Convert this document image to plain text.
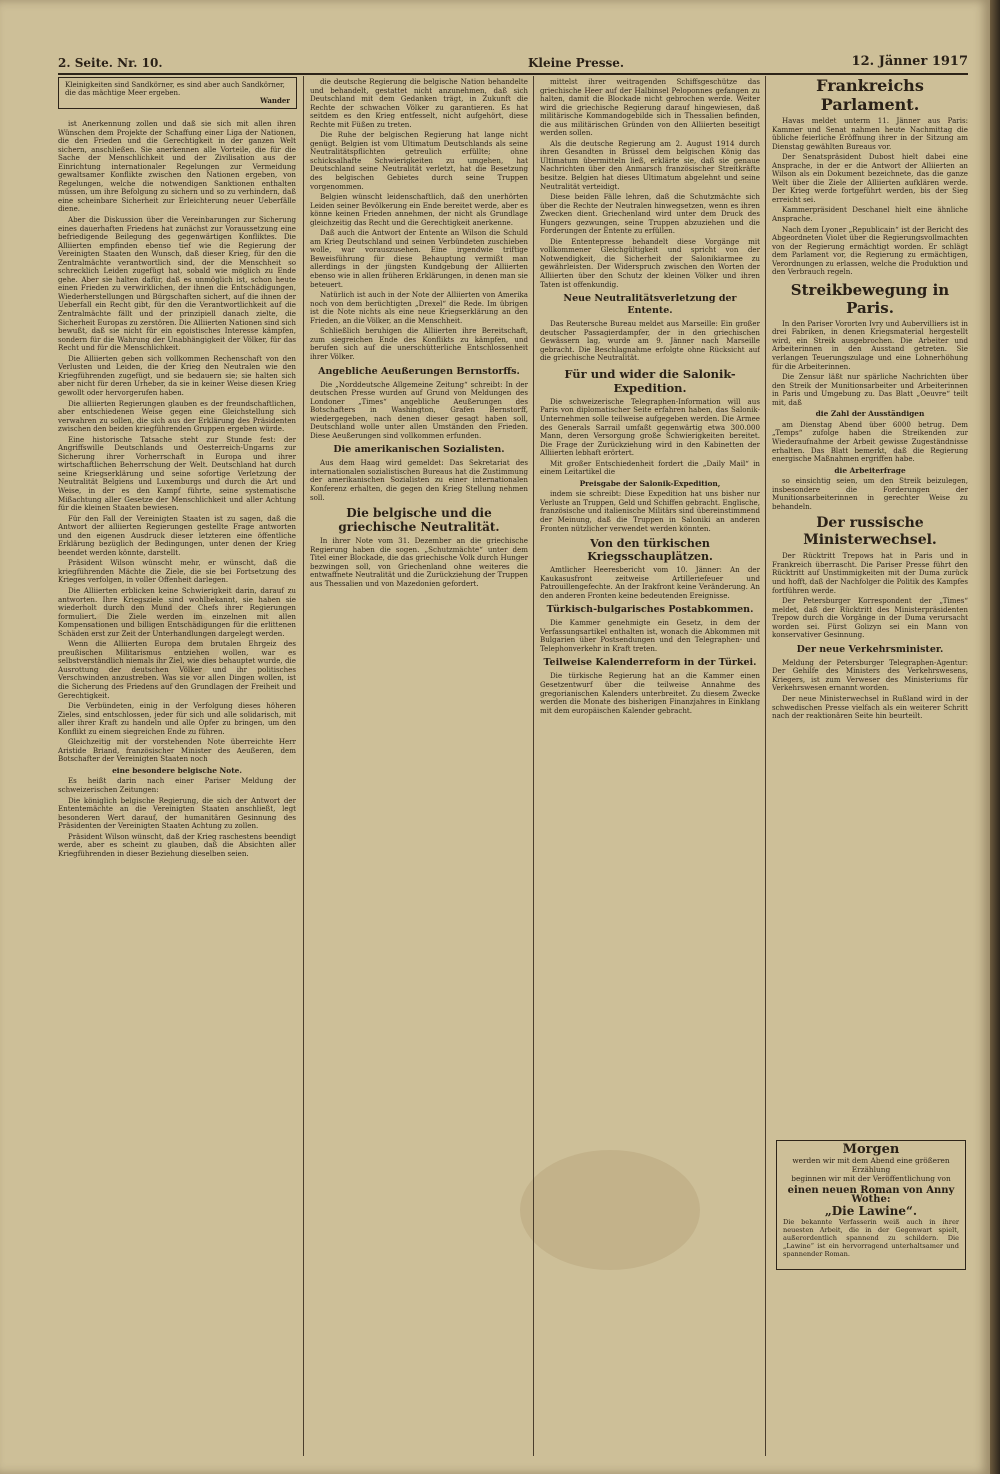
2. Seite. Nr. 10.	Kleine Presse.	12. Jänner 1917
Kleinigkeiten sind Sandkörner, es sind aber auch Sandkörner, die das mächtige Meer ergeben.
Wander

ist Anerkennung zollen und daß sie sich mit allen ihren Wünschen dem Projekte der Schaffung einer Liga der Nationen, die den Frieden und die Gerechtigkeit in der ganzen Welt sichern, anschließen. Sie anerkennen alle Vorteile, die für die Sache der Menschlichkeit und der Zivilisation aus der Einrichtung internationaler Regelungen zur Vermeidung gewaltsamer Konflikte zwischen den Nationen ergeben, von Regelungen, welche die notwendigen Sanktionen enthalten müssen, um ihre Befolgung zu sichern und so zu verhindern, daß eine scheinbare Sicherheit zur Erleichterung neuer Ueberfälle diene.

Aber die Diskussion über die Vereinbarungen zur Sicherung eines dauerhaften Friedens hat zunächst zur Voraussetzung eine befriedigende Beilegung des gegenwärtigen Konfliktes. Die Alliierten empfinden ebenso tief wie die Regierung der Vereinigten Staaten den Wunsch, daß dieser Krieg, für den die Zentralmächte verantwortlich sind, der die Menschheit so schrecklich Leiden zugefügt hat, sobald wie möglich zu Ende gehe. Aber sie halten dafür, daß es unmöglich ist, schon heute einen Frieden zu verwirklichen, der ihnen die Entschädigungen, Wiederherstellungen und Bürgschaften sichert, auf die ihnen der Ueberfall ein Recht gibt, für den die Verantwortlichkeit auf die Zentralmächte fällt und der prinzipiell danach zielte, die Sicherheit Europas zu zerstören. Die Alliierten Nationen sind sich bewußt, daß sie nicht für ein egoistisches Interesse kämpfen, sondern für die Wahrung der Unabhängigkeit der Völker, für das Recht und für die Menschlichkeit.

Die Alliierten geben sich vollkommen Rechenschaft von den Verlusten und Leiden, die der Krieg den Neutralen wie den Kriegführenden zugefügt, und sie bedauern sie; sie halten sich aber nicht für deren Urheber, da sie in keiner Weise diesen Krieg gewollt oder hervorgerufen haben.

Die alliierten Regierungen glauben es der freundschaftlichen, aber entschiedenen Weise gegen eine Gleichstellung sich verwahren zu sollen, die sich aus der Erklärung des Präsidenten zwischen den beiden kriegführenden Gruppen ergeben würde.

Eine historische Tatsache steht zur Stunde fest: der Angriffswille Deutschlands und Oesterreich-Ungarns zur Sicherung ihrer Vorherrschaft in Europa und ihrer wirtschaftlichen Beherrschung der Welt. Deutschland hat durch seine Kriegserklärung und seine sofortige Verletzung der Neutralität Belgiens und Luxemburgs und durch die Art und Weise, in der es den Kampf führte, seine systematische Mißachtung aller Gesetze der Menschlichkeit und aller Achtung für die kleinen Staaten bewiesen.

Für den Fall der Vereinigten Staaten ist zu sagen, daß die Antwort der alliierten Regierungen gestellte Frage antworten und den eigenen Ausdruck dieser letzteren eine öffentliche Erklärung bezüglich der Bedingungen, unter denen der Krieg beendet werden könnte, darstellt.

Präsident Wilson wünscht mehr, er wünscht, daß die kriegführenden Mächte die Ziele, die sie bei Fortsetzung des Krieges verfolgen, in voller Offenheit darlegen.

Die Alliierten erblicken keine Schwierigkeit darin, darauf zu antworten. Ihre Kriegsziele sind wohlbekannt, sie haben sie wiederholt durch den Mund der Chefs ihrer Regierungen formuliert. Die Ziele werden im einzelnen mit allen Kompensationen und billigen Entschädigungen für die erlittenen Schäden erst zur Zeit der Unterhandlungen dargelegt werden.

Wenn die Alliierten Europa dem brutalen Ehrgeiz des preußischen Militarismus entziehen wollen, war es selbstverständlich niemals ihr Ziel, wie dies behauptet wurde, die Ausrottung der deutschen Völker und ihr politisches Verschwinden anzustreben. Was sie vor allen Dingen wollen, ist die Sicherung des Friedens auf den Grundlagen der Freiheit und Gerechtigkeit.

Die Verbündeten, einig in der Verfolgung dieses höheren Zieles, sind entschlossen, jeder für sich und alle solidarisch, mit aller ihrer Kraft zu handeln und alle Opfer zu bringen, um den Konflikt zu einem siegreichen Ende zu führen.

Gleichzeitig mit der vorstehenden Note überreichte Herr Aristide Briand, französischer Minister des Aeußeren, dem Botschafter der Vereinigten Staaten noch

eine besondere belgische Note.

Es heißt darin nach einer Pariser Meldung der schweizerischen Zeitungen:

Die königlich belgische Regierung, die sich der Antwort der Ententemächte an die Vereinigten Staaten anschließt, legt besonderen Wert darauf, der humanitären Gesinnung des Präsidenten der Vereinigten Staaten Achtung zu zollen.

Präsident Wilson wünscht, daß der Krieg raschestens beendigt werde, aber es scheint zu glauben, daß die Absichten aller Kriegführenden in dieser Beziehung dieselben seien.

die deutsche Regierung die belgische Nation behandelte und behandelt, gestattet nicht anzunehmen, daß sich Deutschland mit dem Gedanken trägt, in Zukunft die Rechte der schwachen Völker zu garantieren. Es hat seitdem es den Krieg entfesselt, nicht aufgehört, diese Rechte mit Füßen zu treten.

Die Ruhe der belgischen Regierung hat lange nicht genügt. Belgien ist vom Ultimatum Deutschlands als seine Neutralitätspflichten getreulich erfüllte; ohne schicksalhafte Schwierigkeiten zu umgehen, hat Deutschland seine Neutralität verletzt, hat die Besetzung des belgischen Gebietes durch seine Truppen vorgenommen.

Belgien wünscht leidenschaftlich, daß den unerhörten Leiden seiner Bevölkerung ein Ende bereitet werde, aber es könne keinen Frieden annehmen, der nicht als Grundlage gleichzeitig das Recht und die Gerechtigkeit anerkenne.

Daß auch die Antwort der Entente an Wilson die Schuld am Krieg Deutschland und seinen Verbündeten zuschieben wolle, war vorauszusehen. Eine irgendwie triftige Beweisführung für diese Behauptung vermißt man allerdings in der jüngsten Kundgebung der Alliierten ebenso wie in allen früheren Erklärungen, in denen man sie beteuert.

Natürlich ist auch in der Note der Alliierten von Amerika noch von dem berüchtigten „Drexel“ die Rede. Im übrigen ist die Note nichts als eine neue Kriegserklärung an den Frieden, an die Völker, an die Menschheit.

Schließlich beruhigen die Alliierten ihre Bereitschaft, zum siegreichen Ende des Konflikts zu kämpfen, und berufen sich auf die unerschütterliche Entschlossenheit ihrer Völker.

Angebliche Aeußerungen Bernstorffs.

Die „Norddeutsche Allgemeine Zeitung“ schreibt: In der deutschen Presse wurden auf Grund von Meldungen des Londoner „Times“ angebliche Aeußerungen des Botschafters in Washington, Grafen Bernstorff, wiedergegeben, nach denen dieser gesagt haben soll, Deutschland wolle unter allen Umständen den Frieden. Diese Aeußerungen sind vollkommen erfunden.

Die amerikanischen Sozialisten.

Aus dem Haag wird gemeldet: Das Sekretariat des internationalen sozialistischen Bureaus hat die Zustimmung der amerikanischen Sozialisten zu einer internationalen Konferenz erhalten, die gegen den Krieg Stellung nehmen soll.

Die belgische und die griechische Neutralität.

In ihrer Note vom 31. Dezember an die griechische Regierung haben die sogen. „Schutzmächte“ unter dem Titel einer Blockade, die das griechische Volk durch Hunger bezwingen soll, von Griechenland ohne weiteres die entwaffnete Neutralität und die Zurückziehung der Truppen aus Thessalien und von Mazedonien gefordert.

mittelst ihrer weitragenden Schiffsgeschütze das griechische Heer auf der Halbinsel Peloponnes gefangen zu halten, damit die Blockade nicht gebrochen werde. Weiter wird die griechische Regierung darauf hingewiesen, daß militärische Kommandogebilde sich in Thessalien befinden, die aus militärischen Gründen von den Alliierten beseitigt werden sollen.

Als die deutsche Regierung am 2. August 1914 durch ihren Gesandten in Brüssel dem belgischen König das Ultimatum übermitteln ließ, erklärte sie, daß sie genaue Nachrichten über den Anmarsch französischer Streitkräfte besitze. Belgien hat dieses Ultimatum abgelehnt und seine Neutralität verteidigt.

Diese beiden Fälle lehren, daß die Schutzmächte sich über die Rechte der Neutralen hinwegsetzen, wenn es ihren Zwecken dient. Griechenland wird unter dem Druck des Hungers gezwungen, seine Truppen abzuziehen und die Forderungen der Entente zu erfüllen.

Die Ententepresse behandelt diese Vorgänge mit vollkommener Gleichgültigkeit und spricht von der Notwendigkeit, die Sicherheit der Salonikiarmee zu gewährleisten. Der Widerspruch zwischen den Worten der Alliierten über den Schutz der kleinen Völker und ihren Taten ist offenkundig.

Neue Neutralitätsverletzung der Entente.

Das Reutersche Bureau meldet aus Marseille: Ein großer deutscher Passagierdampfer, der in den griechischen Gewässern lag, wurde am 9. Jänner nach Marseille gebracht. Die Beschlagnahme erfolgte ohne Rücksicht auf die griechische Neutralität.

Für und wider die Salonik-Expedition.

Die schweizerische Telegraphen-Information will aus Paris von diplomatischer Seite erfahren haben, das Salonik-Unternehmen solle teilweise aufgegeben werden. Die Armee des Generals Sarrail umfaßt gegenwärtig etwa 300.000 Mann, deren Versorgung große Schwierigkeiten bereitet. Die Frage der Zurückziehung wird in den Kabinetten der Alliierten lebhaft erörtert.

Mit großer Entschiedenheit fordert die „Daily Mail“ in einem Leitartikel die

Preisgabe der Salonik-Expedition,

indem sie schreibt: Diese Expedition hat uns bisher nur Verluste an Truppen, Geld und Schiffen gebracht. Englische, französische und italienische Militärs sind übereinstimmend der Meinung, daß die Truppen in Saloniki an anderen Fronten nützlicher verwendet werden könnten.

Von den türkischen Kriegsschauplätzen.

Amtlicher Heeresbericht vom 10. Jänner: An der Kaukasusfront zeitweise Artilleriefeuer und Patrouillengefechte. An der Irakfront keine Veränderung. An den anderen Fronten keine bedeutenden Ereignisse.

Türkisch-bulgarisches Postabkommen.

Die Kammer genehmigte ein Gesetz, in dem der Verfassungsartikel enthalten ist, wonach die Abkommen mit Bulgarien über Postsendungen und den Telegraphen- und Telephonverkehr in Kraft treten.

Teilweise Kalenderreform in der Türkei.

Die türkische Regierung hat an die Kammer einen Gesetzentwurf über die teilweise Annahme des gregorianischen Kalenders unterbreitet. Zu diesem Zwecke werden die Monate des bisherigen Finanzjahres in Einklang mit dem europäischen Kalender gebracht.

Frankreichs Parlament.

Havas meldet unterm 11. Jänner aus Paris: Kammer und Senat nahmen heute Nachmittag die übliche feierliche Eröffnung ihrer in der Sitzung am Dienstag gewählten Bureaus vor.

Der Senatspräsident Dubost hielt dabei eine Ansprache, in der er die Antwort der Alliierten an Wilson als ein Dokument bezeichnete, das die ganze Welt über die Ziele der Alliierten aufklären werde. Der Krieg werde fortgeführt werden, bis der Sieg erreicht sei.

Kammerpräsident Deschanel hielt eine ähnliche Ansprache.

Nach dem Lyoner „Republicain“ ist der Bericht des Abgeordneten Violet über die Regierungsvollmachten von der Regierung ermächtigt worden. Er schlägt dem Parlament vor, die Regierung zu ermächtigen, Verordnungen zu erlassen, welche die Produktion und den Verbrauch regeln.

Streikbewegung in Paris.

In den Pariser Vororten Ivry und Aubervilliers ist in drei Fabriken, in denen Kriegsmaterial hergestellt wird, ein Streik ausgebrochen. Die Arbeiter und Arbeiterinnen in den Ausstand getreten. Sie verlangen Teuerungszulage und eine Lohnerhöhung für die Arbeiterinnen.

Die Zensur läßt nur spärliche Nachrichten über den Streik der Munitionsarbeiter und Arbeiterinnen in Paris und Umgebung zu. Das Blatt „Oeuvre“ teilt mit, daß

die Zahl der Ausständigen

am Dienstag Abend über 6000 betrug. Dem „Temps“ zufolge haben die Streikenden zur Wiederaufnahme der Arbeit gewisse Zugeständnisse erhalten. Das Blatt bemerkt, daß die Regierung energische Maßnahmen ergriffen habe.

die Arbeiterfrage

so einsichtig seien, um den Streik beizulegen, insbesondere die Forderungen der Munitionsarbeiterinnen in gerechter Weise zu behandeln.

Der russische Ministerwechsel.

Der Rücktritt Trepows hat in Paris und in Frankreich überrascht. Die Pariser Presse führt den Rücktritt auf Unstimmigkeiten mit der Duma zurück und hofft, daß der Nachfolger die Politik des Kampfes fortführen werde.

Der Petersburger Korrespondent der „Times“ meldet, daß der Rücktritt des Ministerpräsidenten Trepow durch die Vorgänge in der Duma verursacht worden sei. Fürst Golizyn sei ein Mann von konservativer Gesinnung.

Der neue Verkehrsminister.

Meldung der Petersburger Telegraphen-Agentur: Der Gehilfe des Ministers des Verkehrswesens, Kriegers, ist zum Verweser des Ministeriums für Verkehrswesen ernannt worden.

Der neue Ministerwechsel in Rußland wird in der schwedischen Presse vielfach als ein weiterer Schritt nach der reaktionären Seite hin beurteilt.

Morgen
werden wir mit dem Abend eine größeren Erzählung
beginnen wir mit der Veröffentlichung von
einen neuen Roman von Anny Wothe:
„Die Lawine“.
Die bekannte Verfasserin weiß auch in ihrer neuesten Arbeit, die in der Gegenwart spielt, außerordentlich spannend zu schildern. Die „Lawine“ ist ein hervorragend unterhaltsamer und spannender Roman.
